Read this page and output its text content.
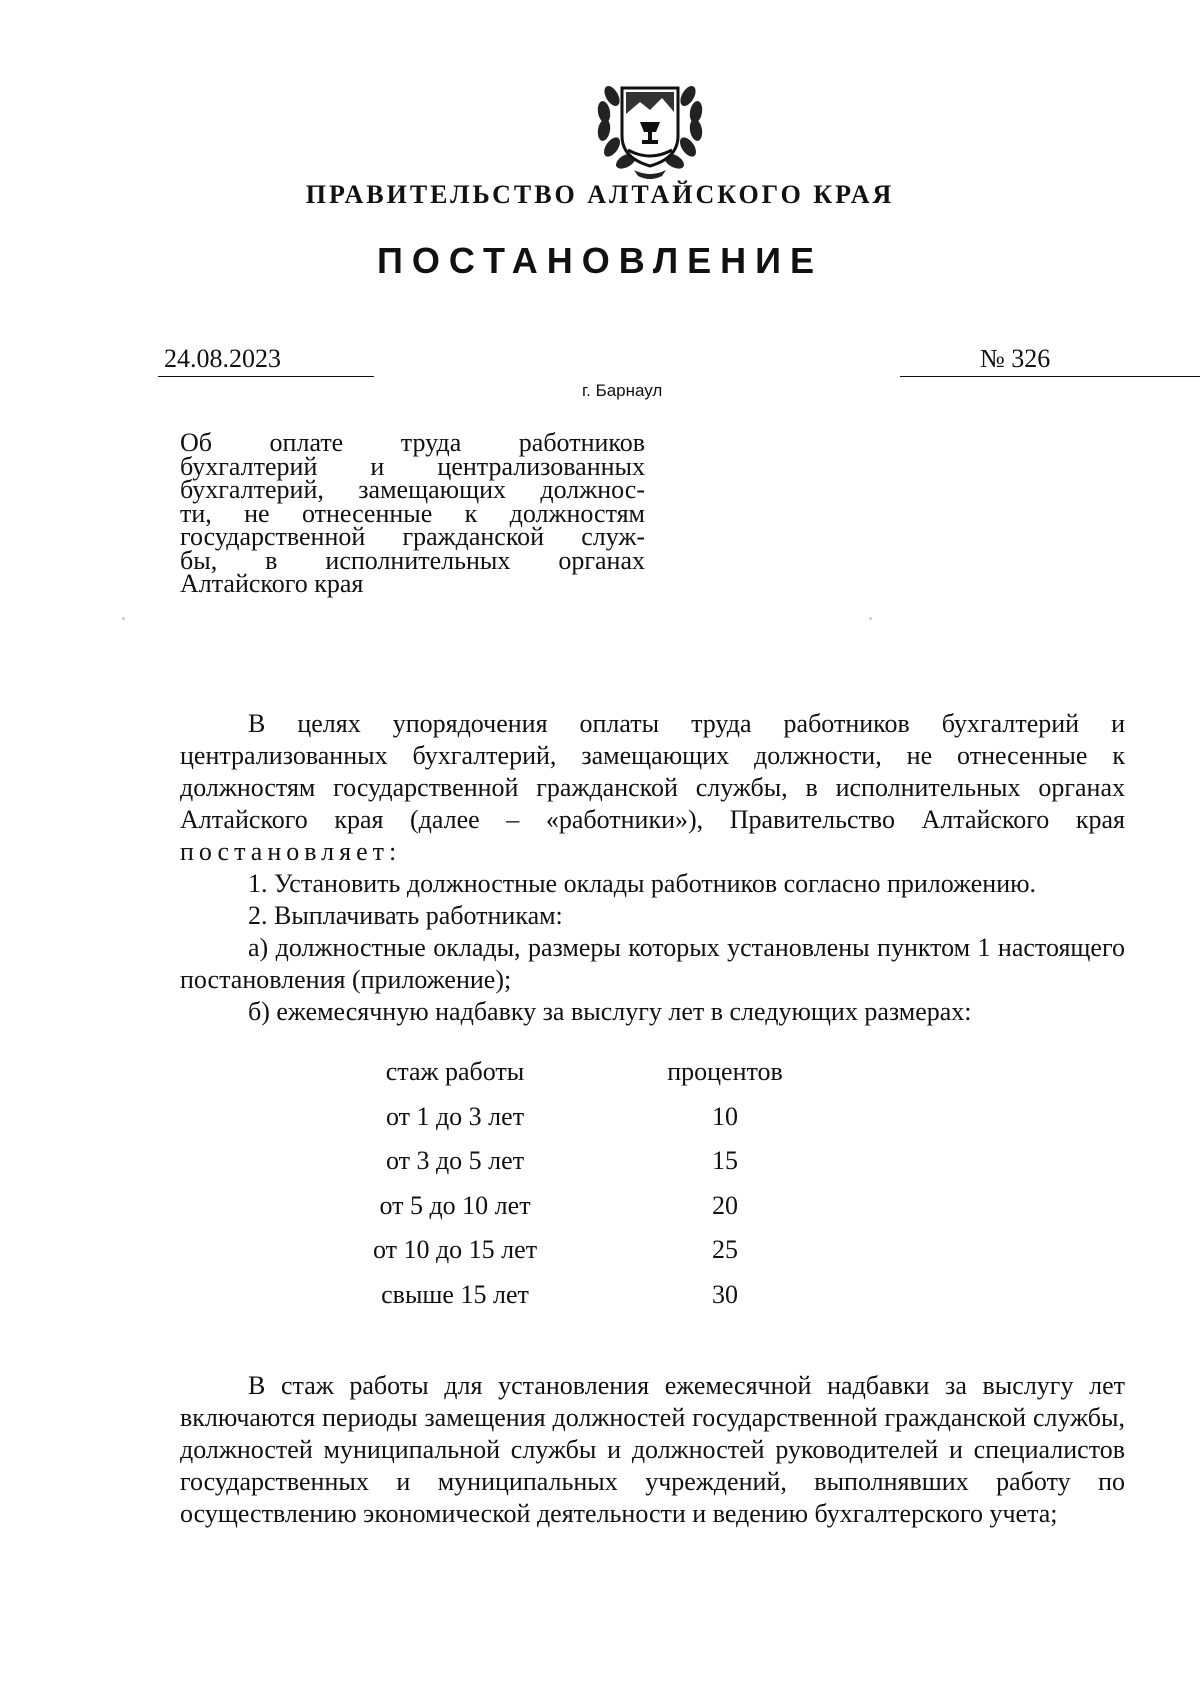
ПРАВИТЕЛЬСТВО АЛТАЙСКОГО КРАЯ
ПОСТАНОВЛЕНИЕ
24.08.2023	№ 326
г. Барнаул
Об оплате труда работников
бухгалтерий и централизованных
бухгалтерий, замещающих должнос-
ти, не отнесенные к должностям
государственной гражданской служ-
бы, в исполнительных органах
Алтайского края

В целях упорядочения оплаты труда работников бухгалтерий и централизованных бухгалтерий, замещающих должности, не отнесенные к должностям государственной гражданской службы, в исполнительных органах Алтайского края (далее – «работники»), Правительство Алтайского края постановляет:

1. Установить должностные оклады работников согласно приложению.

2. Выплачивать работникам:

а) должностные оклады, размеры которых установлены пунктом 1 настоящего постановления (приложение);

б) ежемесячную надбавку за выслугу лет в следующих размерах:

стаж работы	процентов
от 1 до 3 лет	10
от 3 до 5 лет	15
от 5 до 10 лет	20
от 10 до 15 лет	25
свыше 15 лет	30

В стаж работы для установления ежемесячной надбавки за выслугу лет включаются периоды замещения должностей государственной гражданской службы, должностей муниципальной службы и должностей руководителей и специалистов государственных и муниципальных учреждений, выполнявших работу по осуществлению экономической деятельности и ведению бухгалтерского учета;
